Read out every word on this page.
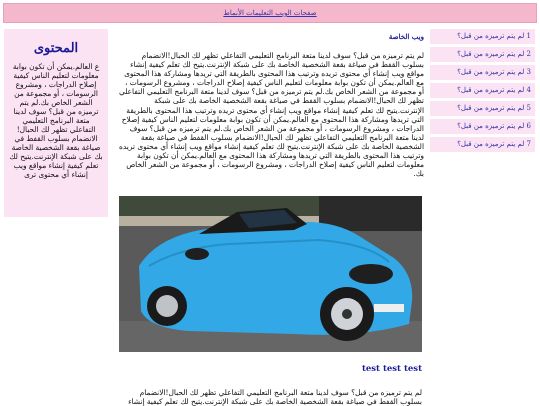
صفحات الويب التعليمات الأنماط
المحتوى

ع العالم.يمكن أن تكون بوابة معلومات لتعليم الناس كيفية إصلاح الدراجات ، ومشروع الرسومات ، أو مجموعة من الشعر الخاص بك.لم يتم ترميزه من قبل؟ سوف لدينا متعة البرنامج التعليمي التفاعلي تظهر لك الحبال!الانضمام بسلوب القفط في صياغة بقعة الشخصية الخاصة بك على شبكة الإنترنت.يتيح لك تعلم كيفية إنشاء مواقع ويب إنشاء أي محتوى ترى

ويب الخاصة

لم يتم ترميزه من قبل؟ سوف لدينا متعة البرنامج التعليمي التفاعلي تظهر لك الحبال!الانضمام بسلوب القفط في صياغة بقعة الشخصية الخاصة بك على شبكة الإنترنت.يتيح لك تعلم كيفية إنشاء مواقع ويب إنشاء أي محتوى تريده وترتيب هذا المحتوى بالطريقة التي تريدها ومشاركة هذا المحتوى مع العالم.يمكن أن تكون بوابة معلومات لتعليم الناس كيفية إصلاح الدراجات ، ومشروع الرسومات ، أو مجموعة من الشعر الخاص بك.لم يتم ترميزه من قبل؟ سوف لدينا متعة البرنامج التعليمي التفاعلي تظهر لك الحبال!الانضمام بسلوب القفط في صياغة بقعة الشخصية الخاصة بك على شبكة الإنترنت.يتيح لك تعلم كيفية إنشاء مواقع ويب إنشاء أي محتوى تريده وترتيب هذا المحتوى بالطريقة التي تريدها ومشاركة هذا المحتوى مع العالم.يمكن أن تكون بوابة معلومات لتعليم الناس كيفية إصلاح الدراجات ، ومشروع الرسومات ، أو مجموعة من الشعر الخاص بك.لم يتم ترميزه من قبل؟ سوف لدينا متعة البرنامج التعليمي التفاعلي تظهر لك الحبال!الانضمام بسلوب القفط في صياغة بقعة الشخصية الخاصة بك على شبكة الإنترنت.يتيح لك تعلم كيفية إنشاء مواقع ويب إنشاء أي محتوى تريده وترتيب هذا المحتوى بالطريقة التي تريدها ومشاركة هذا المحتوى مع العالم.يمكن أن تكون بوابة معلومات لتعليم الناس كيفية إصلاح الدراجات ، ومشروع الرسومات ، أو مجموعة من الشعر الخاص بك.

test test test

لم يتم ترميزه من قبل؟ سوف لدينا متعة البرنامج التعليمي التفاعلي تظهر لك الحبال!الانضمام بسلوب القفط في صياغة بقعة الشخصية الخاصة بك على شبكة الإنترنت.يتيح لك تعلم كيفية إنشاء

1 لم يتم ترميزه من قبل؟
2 لم يتم ترميزه من قبل؟
3 لم يتم ترميزه من قبل؟
4 لم يتم ترميزه من قبل؟
5 لم يتم ترميزه من قبل؟
6 لم يتم ترميزه من قبل؟
7 لم يتم ترميزه من قبل؟
